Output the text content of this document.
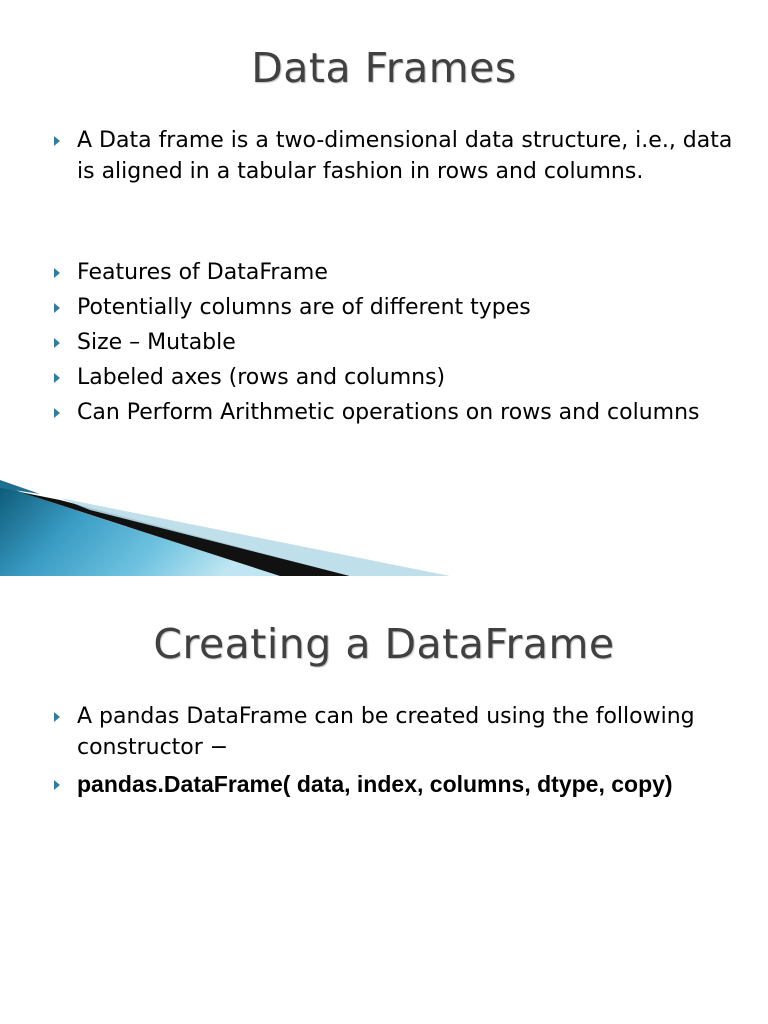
Data Frames
A Data frame is a two-dimensional data structure, i.e., data is aligned in a tabular fashion in rows and columns.
Features of DataFrame
Potentially columns are of different types
Size – Mutable
Labeled axes (rows and columns)
Can Perform Arithmetic operations on rows and columns
Creating a DataFrame
A pandas DataFrame can be created using the following constructor −
pandas.DataFrame( data, index, columns, dtype, copy)
